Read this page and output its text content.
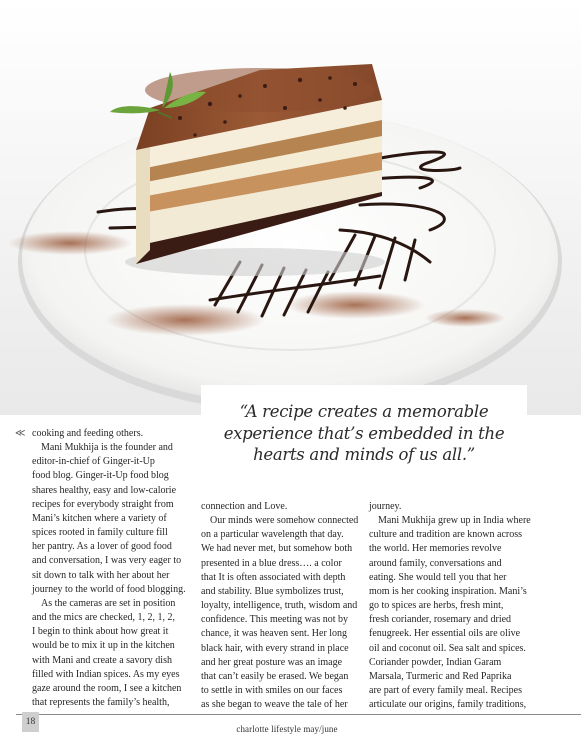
“A recipe creates a memorable
experience that’s embedded in the
hearts and minds of us all.”

≪ cooking and feeding others.
Mani Mukhija is the founder and
editor-in-chief of Ginger-it-Up
food blog. Ginger-it-Up food blog
shares healthy, easy and low-calorie
recipes for everybody straight from
Mani’s kitchen where a variety of
spices rooted in family culture fill
her pantry. As a lover of good food
and conversation, I was very eager to
sit down to talk with her about her
journey to the world of food blogging.
As the cameras are set in position
and the mics are checked, 1, 2, 1, 2,
I begin to think about how great it
would be to mix it up in the kitchen
with Mani and create a savory dish
filled with Indian spices. As my eyes
gaze around the room, I see a kitchen
that represents the family’s health,
connection and Love.
Our minds were somehow connected
on a particular wavelength that day.
We had never met, but somehow both
presented in a blue dress…. a color
that It is often associated with depth
and stability. Blue symbolizes trust,
loyalty, intelligence, truth, wisdom and
confidence. This meeting was not by
chance, it was heaven sent. Her long
black hair, with every strand in place
and her great posture was an image
that can’t easily be erased. We began
to settle in with smiles on our faces
as she began to weave the tale of her
journey.
Mani Mukhija grew up in India where
culture and tradition are known across
the world. Her memories revolve
around family, conversations and
eating. She would tell you that her
mom is her cooking inspiration. Mani’s
go to spices are herbs, fresh mint,
fresh coriander, rosemary and dried
fenugreek. Her essential oils are olive
oil and coconut oil. Sea salt and spices.
Coriander powder, Indian Garam
Marsala, Turmeric and Red Paprika
are part of every family meal. Recipes
articulate our origins, family traditions,
18
charlotte lifestyle may/june
